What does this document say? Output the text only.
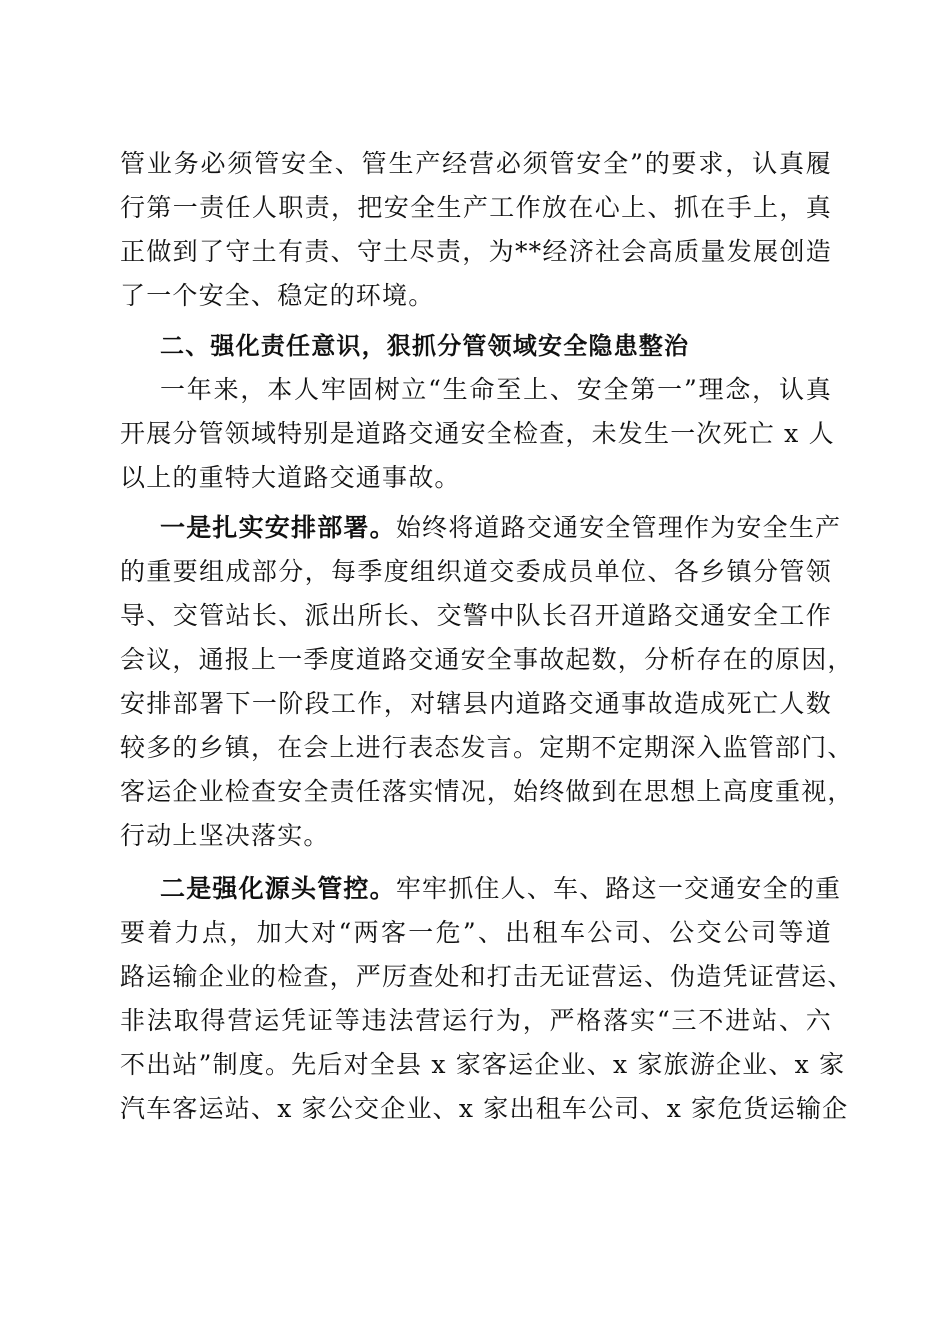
管业务必须管安全、管生产经营必须管安全”的要求，认真履
行第一责任人职责，把安全生产工作放在心上、抓在手上，真
正做到了守土有责、守土尽责，为**经济社会高质量发展创造
了一个安全、稳定的环境。
二、强化责任意识，狠抓分管领域安全隐患整治
一年来，本人牢固树立“生命至上、安全第一”理念，认真
开展分管领域特别是道路交通安全检查，未发生一次死亡 x 人
以上的重特大道路交通事故。
一是扎实安排部署。始终将道路交通安全管理作为安全生产
的重要组成部分，每季度组织道交委成员单位、各乡镇分管领
导、交管站长、派出所长、交警中队长召开道路交通安全工作
会议，通报上一季度道路交通安全事故起数，分析存在的原因，
安排部署下一阶段工作，对辖县内道路交通事故造成死亡人数
较多的乡镇，在会上进行表态发言。定期不定期深入监管部门、
客运企业检查安全责任落实情况，始终做到在思想上高度重视，
行动上坚决落实。
二是强化源头管控。牢牢抓住人、车、路这一交通安全的重
要着力点，加大对“两客一危”、出租车公司、公交公司等道
路运输企业的检查，严厉查处和打击无证营运、伪造凭证营运、
非法取得营运凭证等违法营运行为，严格落实“三不进站、六
不出站”制度。先后对全县 x 家客运企业、x 家旅游企业、x 家
汽车客运站、x 家公交企业、x 家出租车公司、x 家危货运输企
